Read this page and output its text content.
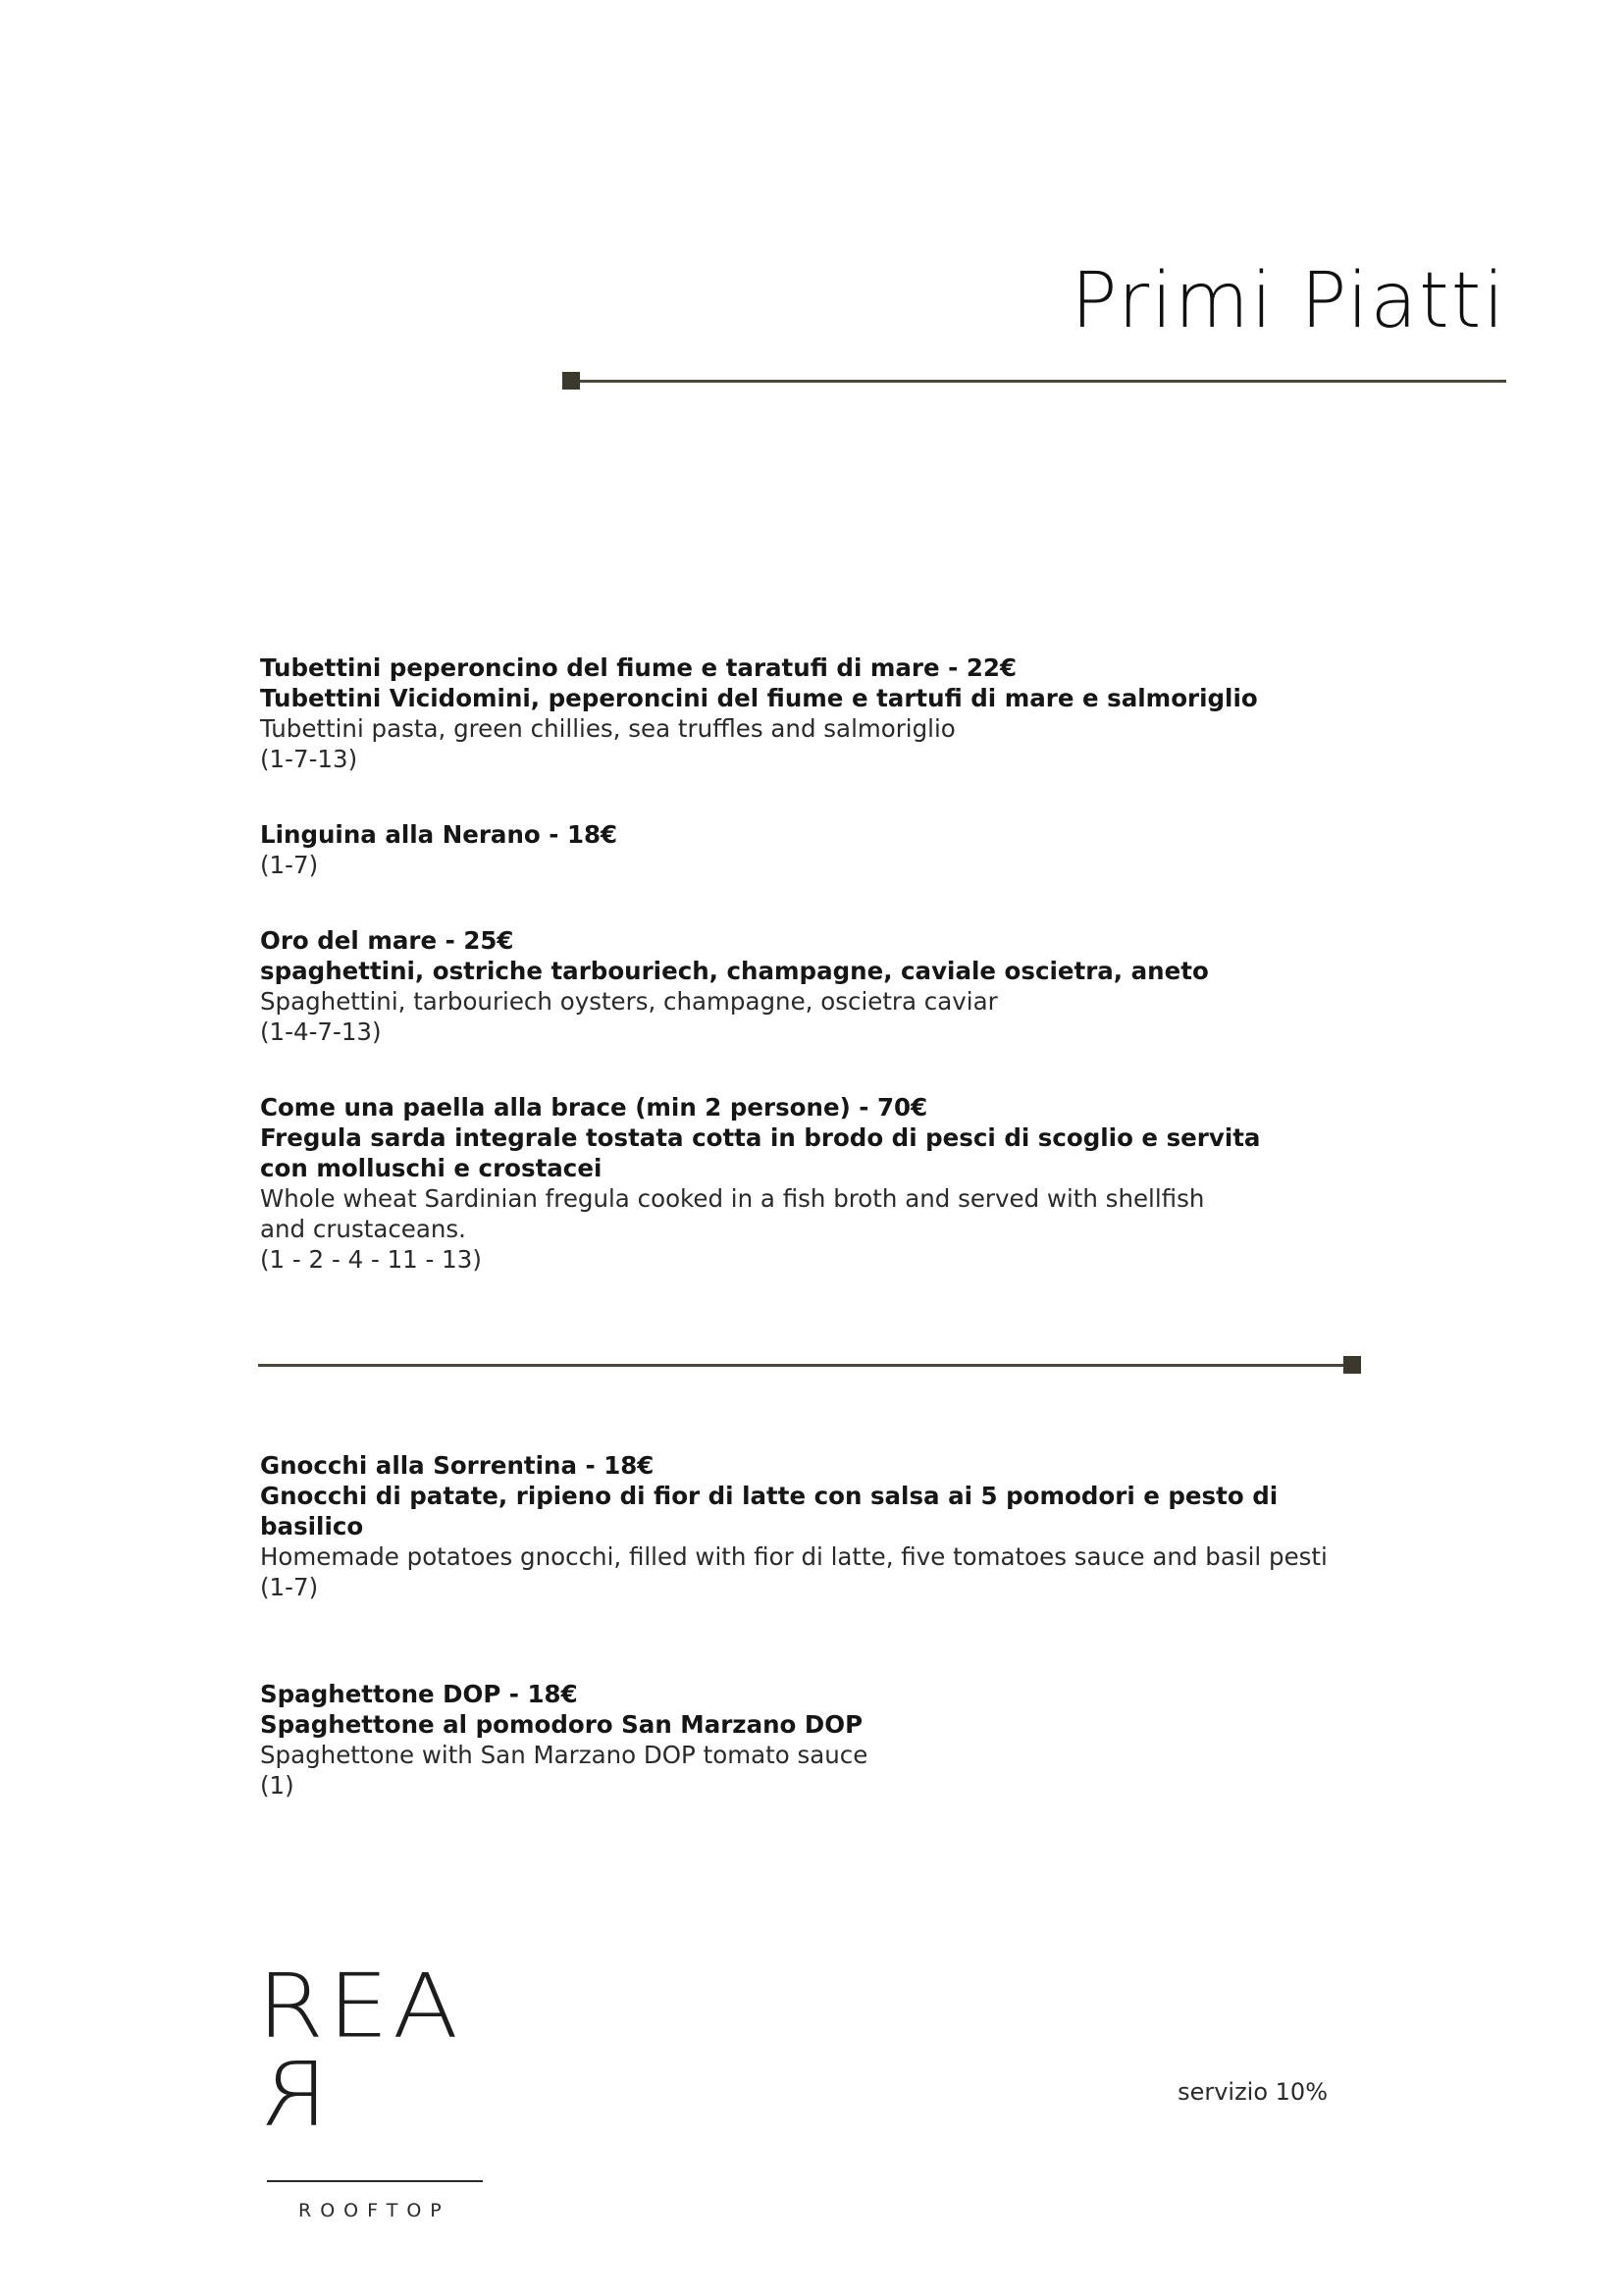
Primi Piatti
Tubettini peperoncino del fiume e taratufi di mare - 22€
Tubettini Vicidomini, peperoncini del fiume e tartufi di mare e salmoriglio
Tubettini pasta, green chillies, sea truffles and salmoriglio
(1-7-13)
Linguina alla Nerano - 18€
(1-7)
Oro del mare - 25€
spaghettini, ostriche tarbouriech, champagne, caviale oscietra, aneto
Spaghettini, tarbouriech oysters, champagne, oscietra caviar
(1-4-7-13)
Come una paella alla brace (min 2 persone) - 70€
Fregula sarda integrale tostata cotta in brodo di pesci di scoglio e servita
con molluschi e crostacei
Whole wheat Sardinian fregula cooked in a fish broth and served with shellfish
and crustaceans.
(1 - 2 - 4 - 11 - 13)
Gnocchi alla Sorrentina - 18€
Gnocchi di patate, ripieno di fior di latte con salsa ai 5 pomodori e pesto di basilico
Homemade potatoes gnocchi, filled with fior di latte, five tomatoes sauce and basil pesti
(1-7)
Spaghettone DOP - 18€
Spaghettone al pomodoro San Marzano DOP
Spaghettone with San Marzano DOP tomato sauce
(1)
REAR
ROOFTOP
servizio 10%
